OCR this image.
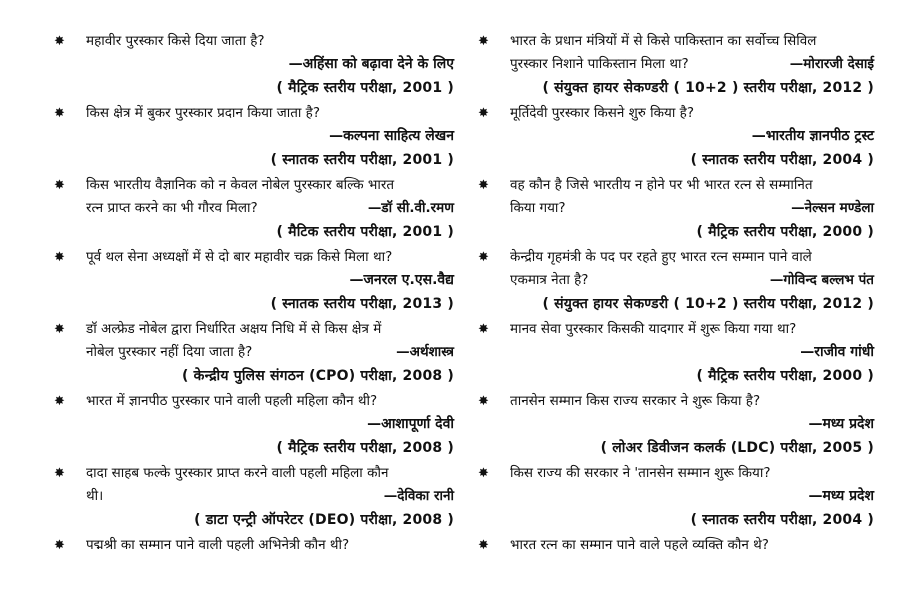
✸ महावीर पुरस्कार किसे दिया जाता है?
—अहिंसा को बढ़ावा देने के लिए
( मैट्रिक स्तरीय परीक्षा, 2001 )
✸ किस क्षेत्र में बुकर पुरस्कार प्रदान किया जाता है?
—कल्पना साहित्य लेखन
( स्नातक स्तरीय परीक्षा, 2001 )
✸ किस भारतीय वैज्ञानिक को न केवल नोबेल पुरस्कार बल्कि भारत
रत्न प्राप्त करने का भी गौरव मिला?	—डॉ सी.वी.रमण
( मैटिक स्तरीय परीक्षा, 2001 )
✸ पूर्व थल सेना अध्यक्षों में से दो बार महावीर चक्र किसे मिला था?
—जनरल ए.एस.वैद्य
( स्नातक स्तरीय परीक्षा, 2013 )
✸ डॉ अल्फ्रेड नोबेल द्वारा निर्धारित अक्षय निधि में से किस क्षेत्र में
नोबेल पुरस्कार नहीं दिया जाता है?	—अर्थशास्त्र
( केन्द्रीय पुलिस संगठन (CPO) परीक्षा, 2008 )
✸ भारत में ज्ञानपीठ पुरस्कार पाने वाली पहली महिला कौन थी?
—आशापूर्णा देवी
( मैट्रिक स्तरीय परीक्षा, 2008 )
✸ दादा साहब फल्के पुरस्कार प्राप्त करने वाली पहली महिला कौन
थी।	—देविका रानी
( डाटा एन्ट्री ऑपरेटर (DEO) परीक्षा, 2008 )
✸ पद्मश्री का सम्मान पाने वाली पहली अभिनेत्री कौन थी?
✸ भारत के प्रधान मंत्रियों में से किसे पाकिस्तान का सर्वोच्च सिविल
पुरस्कार निशाने पाकिस्तान मिला था?	—मोरारजी देसाई
( संयुक्त हायर सेकण्डरी ( 10+2 ) स्तरीय परीक्षा, 2012 )
✸ मूर्तिदेवी पुरस्कार किसने शुरु किया है?
—भारतीय ज्ञानपीठ ट्रस्ट
( स्नातक स्तरीय परीक्षा, 2004 )
✸ वह कौन है जिसे भारतीय न होने पर भी भारत रत्न से सम्मानित
किया गया?	—नेल्सन मण्डेला
( मैट्रिक स्तरीय परीक्षा, 2000 )
✸ केन्द्रीय गृहमंत्री के पद पर रहते हुए भारत रत्न सम्मान पाने वाले
एकमात्र नेता है?	—गोविन्द बल्लभ पंत
( संयुक्त हायर सेकण्डरी ( 10+2 ) स्तरीय परीक्षा, 2012 )
✸ मानव सेवा पुरस्कार किसकी यादगार में शुरू किया गया था?
—राजीव गांधी
( मैट्रिक स्तरीय परीक्षा, 2000 )
✸ तानसेन सम्मान किस राज्य सरकार ने शुरू किया है?
—मध्य प्रदेश
( लोअर डिवीजन कलर्क (LDC) परीक्षा, 2005 )
✸ किस राज्य की सरकार ने 'तानसेन सम्मान शुरू किया?
—मध्य प्रदेश
( स्नातक स्तरीय परीक्षा, 2004 )
✸ भारत रत्न का सम्मान पाने वाले पहले व्यक्ति कौन थे?
